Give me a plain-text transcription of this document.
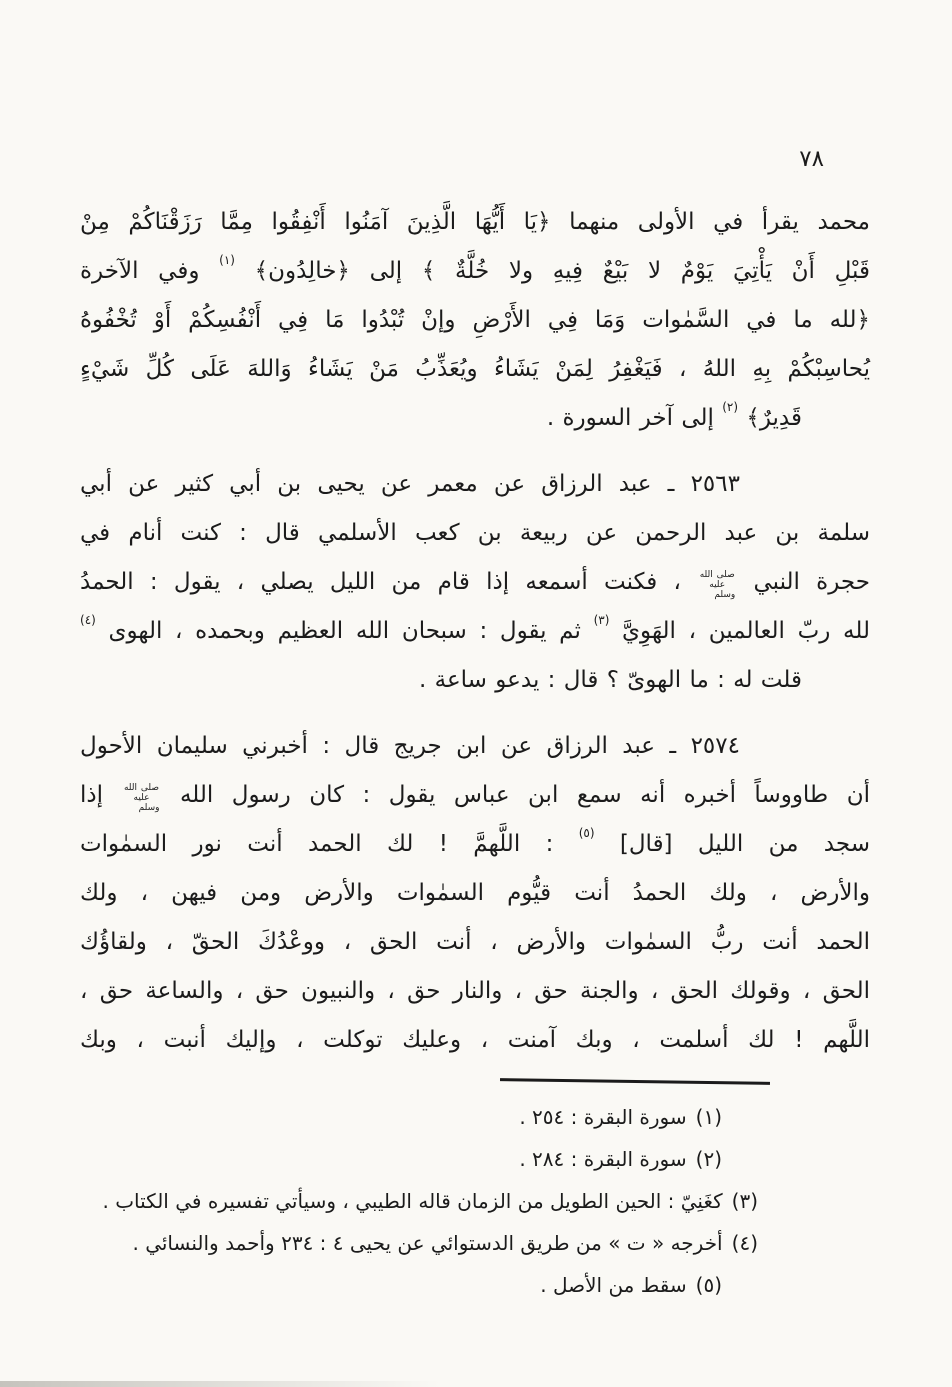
٧٨
محمد يقرأ في الأولى منهما ﴿يَا أَيُّهَا الَّذِينَ آمَنُوا أَنْفِقُوا مِمَّا رَزَقْنَاكُمْ مِنْ
قَبْلِ أَنْ يَأْتِيَ يَوْمٌ لا بَيْعٌ فِيهِ ولا خُلَّةٌ ﴾ إلى ﴿خالِدُون﴾ $^{(١)}$ وفي الآخرة
﴿لله ما في السَّمٰوات وَمَا فِي الأَرْضِ وإنْ تُبْدُوا مَا فِي أَنْفُسِكُمْ أَوْ تُخْفُوهُ
يُحاسِبْكُمْ بِهِ اللهُ ، فَيَغْفِرُ لِمَنْ يَشَاءُ ويُعَذِّبُ مَنْ يَشَاءُ وَاللهَ عَلَى كُلِّ شَيْءٍ
قَدِيرٌ﴾ $^{(٢)}$ إلى آخر السورة .
٢٥٦٣ ـ عبد الرزاق عن معمر عن يحيى بن أبي كثير عن أبي
سلمة بن عبد الرحمن عن ربيعة بن كعب الأسلمي قال : كنت أنام في
حجرة النبي صلى الله عليه وسلم ، فكنت أسمعه إذا قام من الليل يصلي ، يقول : الحمدُ
لله ربّ العالمين ، الهَوِيَّ $^{(٣)}$ ثم يقول : سبحان الله العظيم وبحمده ، الهوى $^{(٤)}$
قلت له : ما الهوىّ ؟ قال : يدعو ساعة .
٢٥٧٤ ـ عبد الرزاق عن ابن جريج قال : أخبرني سليمان الأحول
أن طاووساً أخبره أنه سمع ابن عباس يقول : كان رسول الله صلى الله عليه وسلم إذا
سجد من الليل [قال] $^{(٥)}$ : اللَّهمَّ ! لك الحمد أنت نور السمٰوات
والأرض ، ولك الحمدُ أنت قيُّوم السمٰوات والأرض ومن فيهن ، ولك
الحمد أنت ربُّ السمٰوات والأرض ، أنت الحق ، ووعْدُكَ الحقّ ، ولقاؤُك
الحق ، وقولك الحق ، والجنة حق ، والنار حق ، والنبيون حق ، والساعة حق ،
اللَّهم ! لك أسلمت ، وبك آمنت ، وعليك توكلت ، وإليك أنبت ، وبك
(١)سورة البقرة : ٢٥٤ .
(٢)سورة البقرة : ٢٨٤ .
(٣)كغَنِيّ : الحين الطويل من الزمان قاله الطيبي ، وسيأتي تفسيره في الكتاب .
(٤)أخرجه « ت » من طريق الدستوائي عن يحيى ٤ : ٢٣٤ وأحمد والنسائي .
(٥)سقط من الأصل .
